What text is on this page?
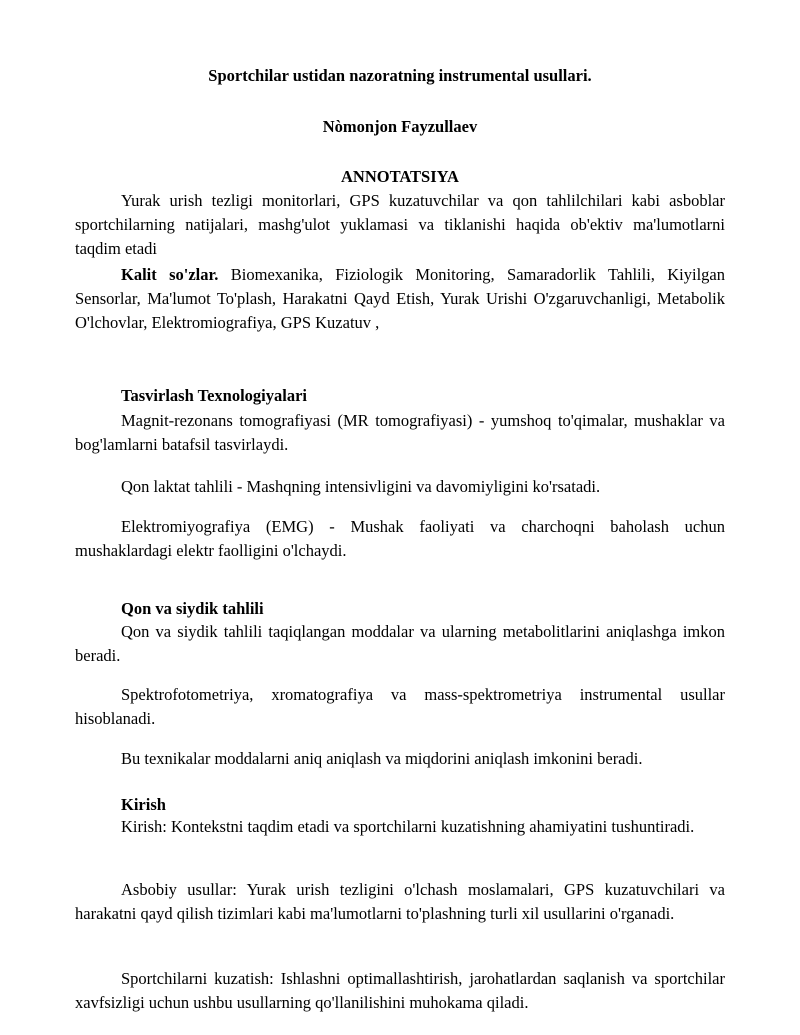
Sportchilar ustidan nazoratning instrumental usullari.
Nòmonjon Fayzullaev
ANNOTATSIYA

Yurak urish tezligi monitorlari, GPS kuzatuvchilar va qon tahlilchilari kabi asboblar sportchilarning natijalari, mashg'ulot yuklamasi va tiklanishi haqida ob'ektiv ma'lumotlarni taqdim etadi

Kalit so'zlar. Biomexanika, Fiziologik Monitoring, Samaradorlik Tahlili, Kiyilgan Sensorlar, Ma'lumot To'plash, Harakatni Qayd Etish, Yurak Urishi O'zgaruvchanligi, Metabolik O'lchovlar, Elektromiografiya, GPS Kuzatuv ,

Tasvirlash Texnologiyalari

Magnit-rezonans tomografiyasi (MR tomografiyasi) - yumshoq to'qimalar, mushaklar va bog'lamlarni batafsil tasvirlaydi.

Qon laktat tahlili - Mashqning intensivligini va davomiyligini ko'rsatadi.

Elektromiyografiya (EMG) - Mushak faoliyati va charchoqni baholash uchun mushaklardagi elektr faolligini o'lchaydi.

Qon va siydik tahlili

Qon va siydik tahlili taqiqlangan moddalar va ularning metabolitlarini aniqlashga imkon beradi.

Spektrofotometriya, xromatografiya va mass-spektrometriya instrumental usullar hisoblanadi.

Bu texnikalar moddalarni aniq aniqlash va miqdorini aniqlash imkonini beradi.

Kirish

Kirish: Kontekstni taqdim etadi va sportchilarni kuzatishning ahamiyatini tushuntiradi.

Asbobiy usullar: Yurak urish tezligini o'lchash moslamalari, GPS kuzatuvchilari va harakatni qayd qilish tizimlari kabi ma'lumotlarni to'plashning turli xil usullarini o'rganadi.

Sportchilarni kuzatish: Ishlashni optimallashtirish, jarohatlardan saqlanish va sportchilar xavfsizligi uchun ushbu usullarning qo'llanilishini muhokama qiladi.
